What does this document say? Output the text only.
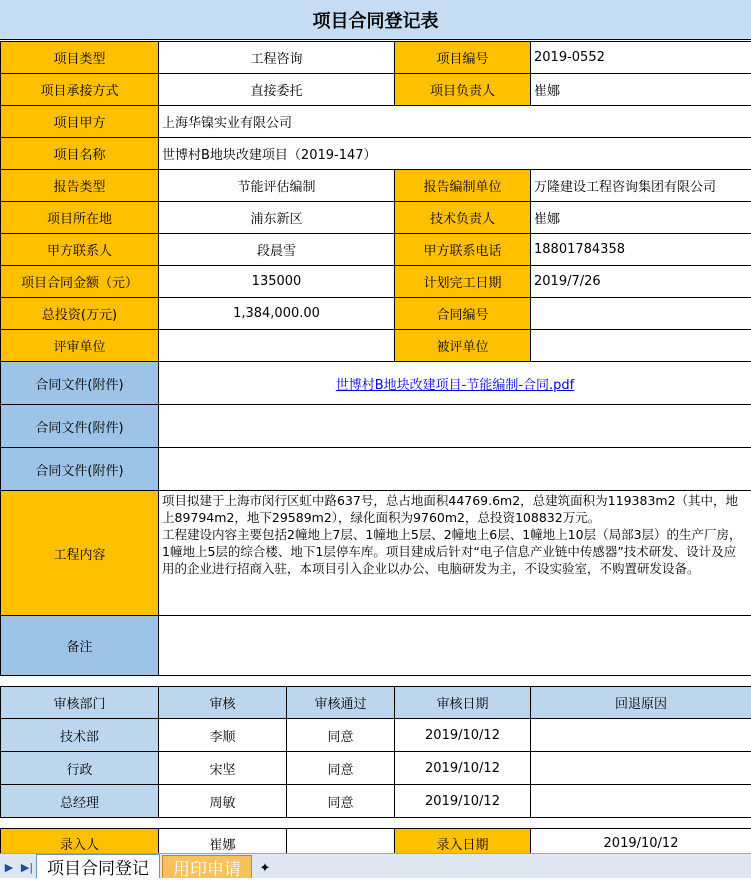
项目合同登记表
项目类型	工程咨询	项目编号	2019-0552
项目承接方式	直接委托	项目负责人	崔娜
项目甲方	上海华镍实业有限公司		
项目名称	世博村B地块改建项目（2019-147）		
报告类型	节能评估编制	报告编制单位	万隆建设工程咨询集团有限公司
项目所在地	浦东新区	技术负责人	崔娜
甲方联系人	段晨雪	甲方联系电话	18801784358
项目合同金额（元）	135000	计划完工日期	2019/7/26
总投资(万元)	1,384,000.00	合同编号	
评审单位		被评单位	
合同文件(附件)	世博村B地块改建项目-节能编制-合同.pdf		
合同文件(附件)			
合同文件(附件)			
工程内容	项目拟建于上海市闵行区虹中路637号，总占地面积44769.6m2，总建筑面积为119383m2（其中，地上89794m2，地下29589m2），绿化面积为9760m2，总投资108832万元。
工程建设内容主要包括2幢地上7层、1幢地上5层、2幢地上6层、1幢地上10层（局部3层）的生产厂房，1幢地上5层的综合楼、地下1层停车库。项目建成后针对“电子信息产业链中传感器”技术研发、设计及应用的企业进行招商入驻，本项目引入企业以办公、电脑研发为主，不设实验室，不购置研发设备。		
备注			
审核部门	审核	审核通过	审核日期	回退原因
技术部	李顺	同意	2019/10/12	
行政	宋坚	同意	2019/10/12	
总经理	周敏	同意	2019/10/12	
录入人	崔娜		录入日期	2019/10/12
▶ ▶| 项目合同登记	用印申请	✦
